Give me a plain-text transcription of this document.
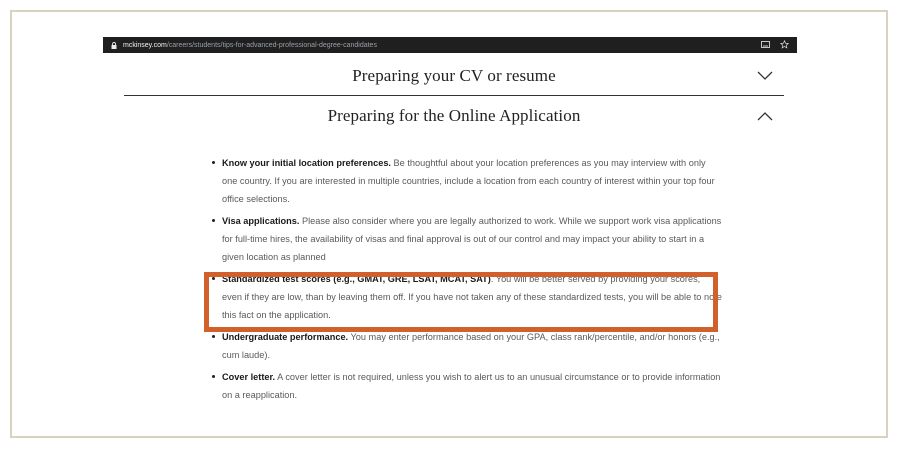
mckinsey.com /careers/students/tips-for-advanced-professional-degree-candidates
Preparing your CV or resume
Preparing for the Online Application
Know your initial location preferences. Be thoughtful about your location preferences as you may interview with only one country. If you are interested in multiple countries, include a location from each country of interest within your top four office selections.
Visa applications. Please also consider where you are legally authorized to work. While we support work visa applications for full-time hires, the availability of visas and final approval is out of our control and may impact your ability to start in a given location as planned
Standardized test scores (e.g., GMAT, GRE, LSAT, MCAT, SAT). You will be better served by providing your scores, even if they are low, than by leaving them off. If you have not taken any of these standardized tests, you will be able to note this fact on the application.
Undergraduate performance. You may enter performance based on your GPA, class rank/percentile, and/or honors (e.g., cum laude).
Cover letter. A cover letter is not required, unless you wish to alert us to an unusual circumstance or to provide information on a reapplication.
